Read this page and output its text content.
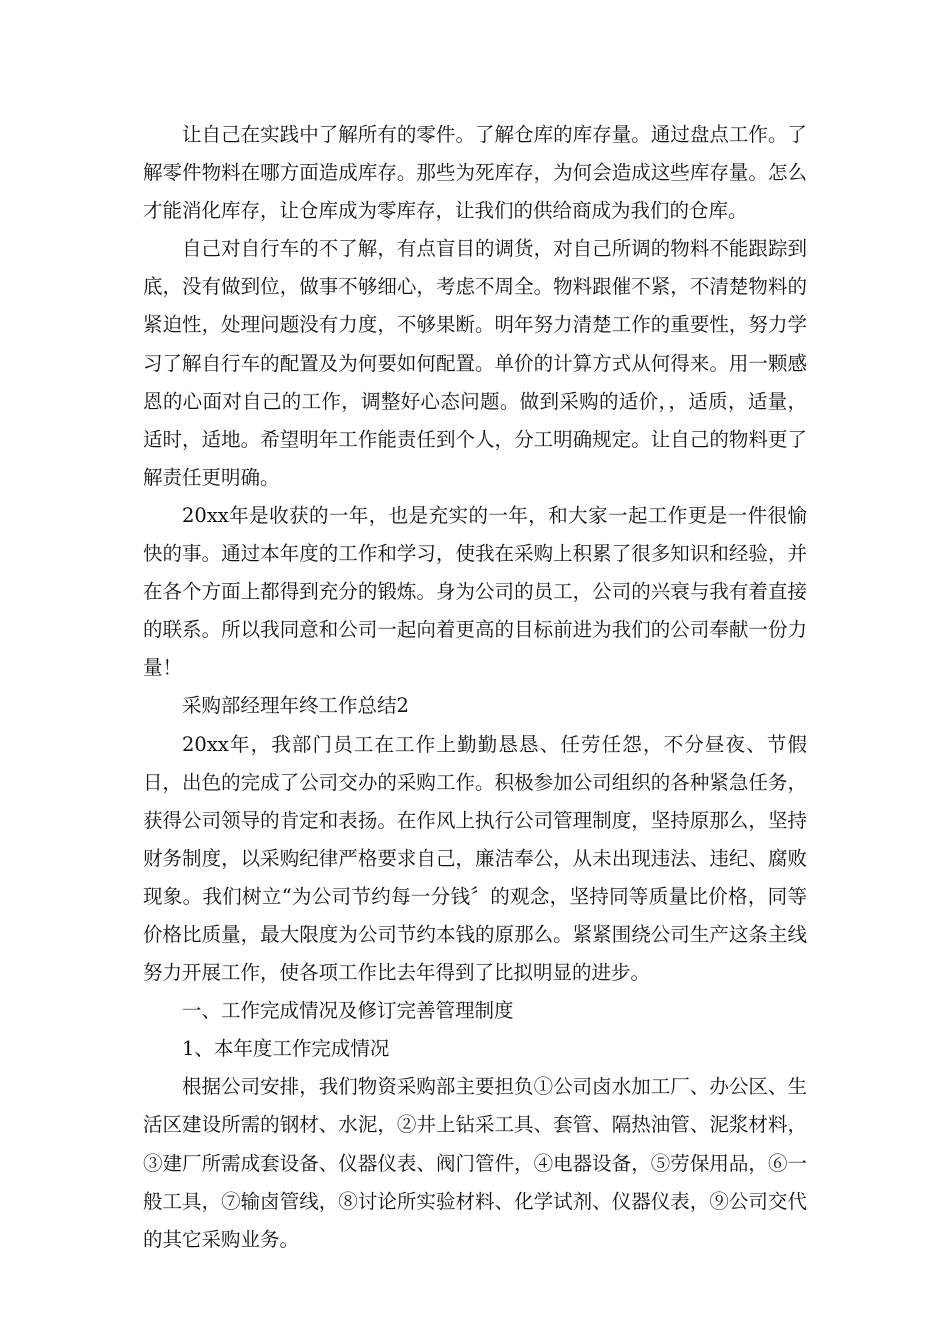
让自己在实践中了解所有的零件。了解仓库的库存量。通过盘点工作。了解零件物料在哪方面造成库存。那些为死库存，为何会造成这些库存量。怎么才能消化库存，让仓库成为零库存，让我们的供给商成为我们的仓库。

自己对自行车的不了解，有点盲目的调货，对自己所调的物料不能跟踪到底，没有做到位，做事不够细心，考虑不周全。物料跟催不紧，不清楚物料的紧迫性，处理问题没有力度，不够果断。明年努力清楚工作的重要性，努力学习了解自行车的配置及为何要如何配置。单价的计算方式从何得来。用一颗感恩的心面对自己的工作，调整好心态问题。做到采购的适价，，适质，适量，适时，适地。希望明年工作能责任到个人，分工明确规定。让自己的物料更了解责任更明确。

20xx年是收获的一年，也是充实的一年，和大家一起工作更是一件很愉快的事。通过本年度的工作和学习，使我在采购上积累了很多知识和经验，并在各个方面上都得到充分的锻炼。身为公司的员工，公司的兴衰与我有着直接的联系。所以我同意和公司一起向着更高的目标前进为我们的公司奉献一份力量！

采购部经理年终工作总结2

20xx年，我部门员工在工作上勤勤恳恳、任劳任怨，不分昼夜、节假日，出色的完成了公司交办的采购工作。积极参加公司组织的各种紧急任务，获得公司领导的肯定和表扬。在作风上执行公司管理制度，坚持原那么，坚持财务制度，以采购纪律严格要求自己，廉洁奉公，从未出现违法、违纪、腐败现象。我们树立“为公司节约每一分钱〞的观念，坚持同等质量比价格，同等价格比质量，最大限度为公司节约本钱的原那么。紧紧围绕公司生产这条主线努力开展工作，使各项工作比去年得到了比拟明显的进步。

一、工作完成情况及修订完善管理制度

1、本年度工作完成情况

根据公司安排，我们物资采购部主要担负①公司卤水加工厂、办公区、生活区建设所需的钢材、水泥，②井上钻采工具、套管、隔热油管、泥浆材料，③建厂所需成套设备、仪器仪表、阀门管件，④电器设备，⑤劳保用品，⑥一般工具，⑦输卤管线，⑧讨论所实验材料、化学试剂、仪器仪表，⑨公司交代的其它采购业务。
